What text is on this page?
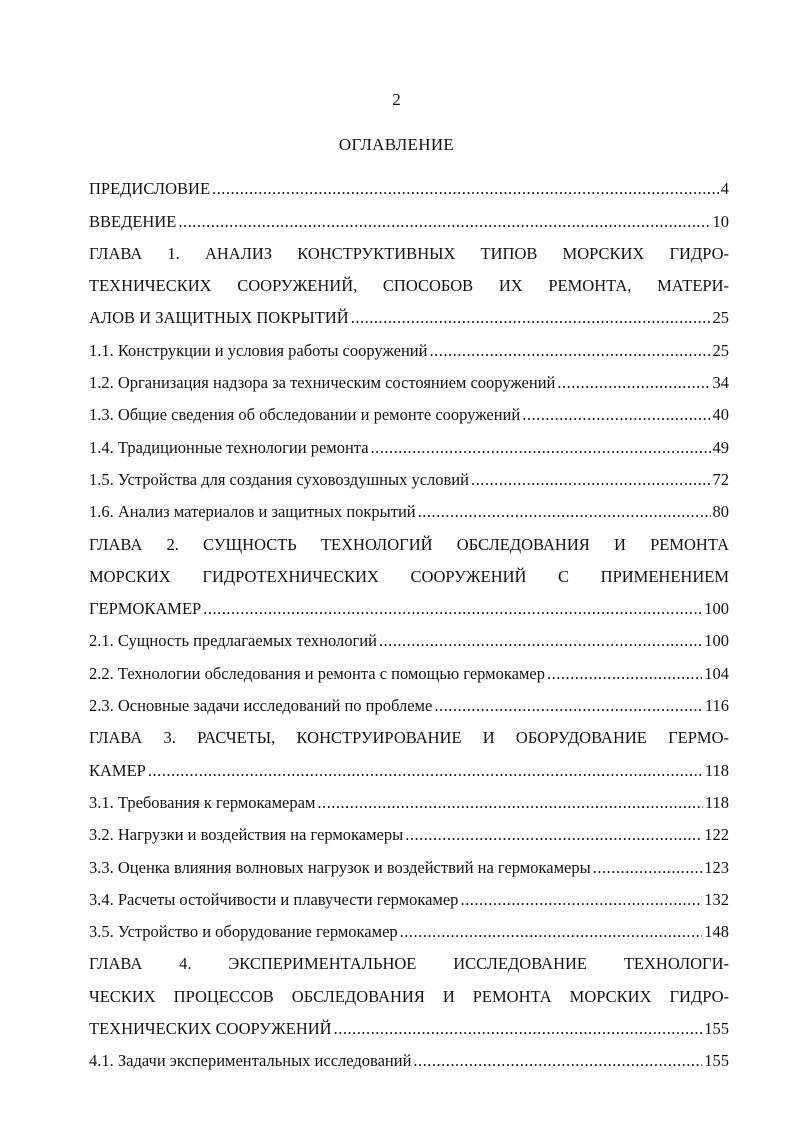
2
ОГЛАВЛЕНИЕ
ПРЕДИСЛОВИЕ .....	4
ВВЕДЕНИЕ .....	10
ГЛАВА 1. АНАЛИЗ КОНСТРУКТИВНЫХ ТИПОВ МОРСКИХ ГИДРО-
ТЕХНИЧЕСКИХ СООРУЖЕНИЙ, СПОСОБОВ ИХ РЕМОНТА, МАТЕРИ-
АЛОВ И ЗАЩИТНЫХ ПОКРЫТИЙ .....	25
1.1. Конструкции и условия работы сооружений .....	25
1.2. Организация надзора за техническим состоянием сооружений .....	34
1.3. Общие сведения об обследовании и ремонте сооружений .....	40
1.4. Традиционные технологии ремонта .....	49
1.5. Устройства для создания суховоздушных условий .....	72
1.6. Анализ материалов и защитных покрытий .....	80
ГЛАВА 2. СУЩНОСТЬ ТЕХНОЛОГИЙ ОБСЛЕДОВАНИЯ И РЕМОНТА
МОРСКИХ ГИДРОТЕХНИЧЕСКИХ СООРУЖЕНИЙ С ПРИМЕНЕНИЕМ
ГЕРМОКАМЕР .....	100
2.1. Сущность предлагаемых технологий .....	100
2.2. Технологии обследования и ремонта с помощью гермокамер .....	104
2.3. Основные задачи исследований по проблеме .....	116
ГЛАВА 3. РАСЧЕТЫ, КОНСТРУИРОВАНИЕ И ОБОРУДОВАНИЕ ГЕРМО-
КАМЕР .....	118
3.1. Требования к гермокамерам .....	118
3.2. Нагрузки и воздействия на гермокамеры .....	122
3.3. Оценка влияния волновых нагрузок и воздействий на гермокамеры .....	123
3.4. Расчеты остойчивости и плавучести гермокамер .....	132
3.5. Устройство и оборудование гермокамер .....	148
ГЛАВА 4. ЭКСПЕРИМЕНТАЛЬНОЕ ИССЛЕДОВАНИЕ ТЕХНОЛОГИ-
ЧЕСКИХ ПРОЦЕССОВ ОБСЛЕДОВАНИЯ И РЕМОНТА МОРСКИХ ГИДРО-
ТЕХНИЧЕСКИХ СООРУЖЕНИЙ .....	155
4.1. Задачи экспериментальных исследований .....	155
